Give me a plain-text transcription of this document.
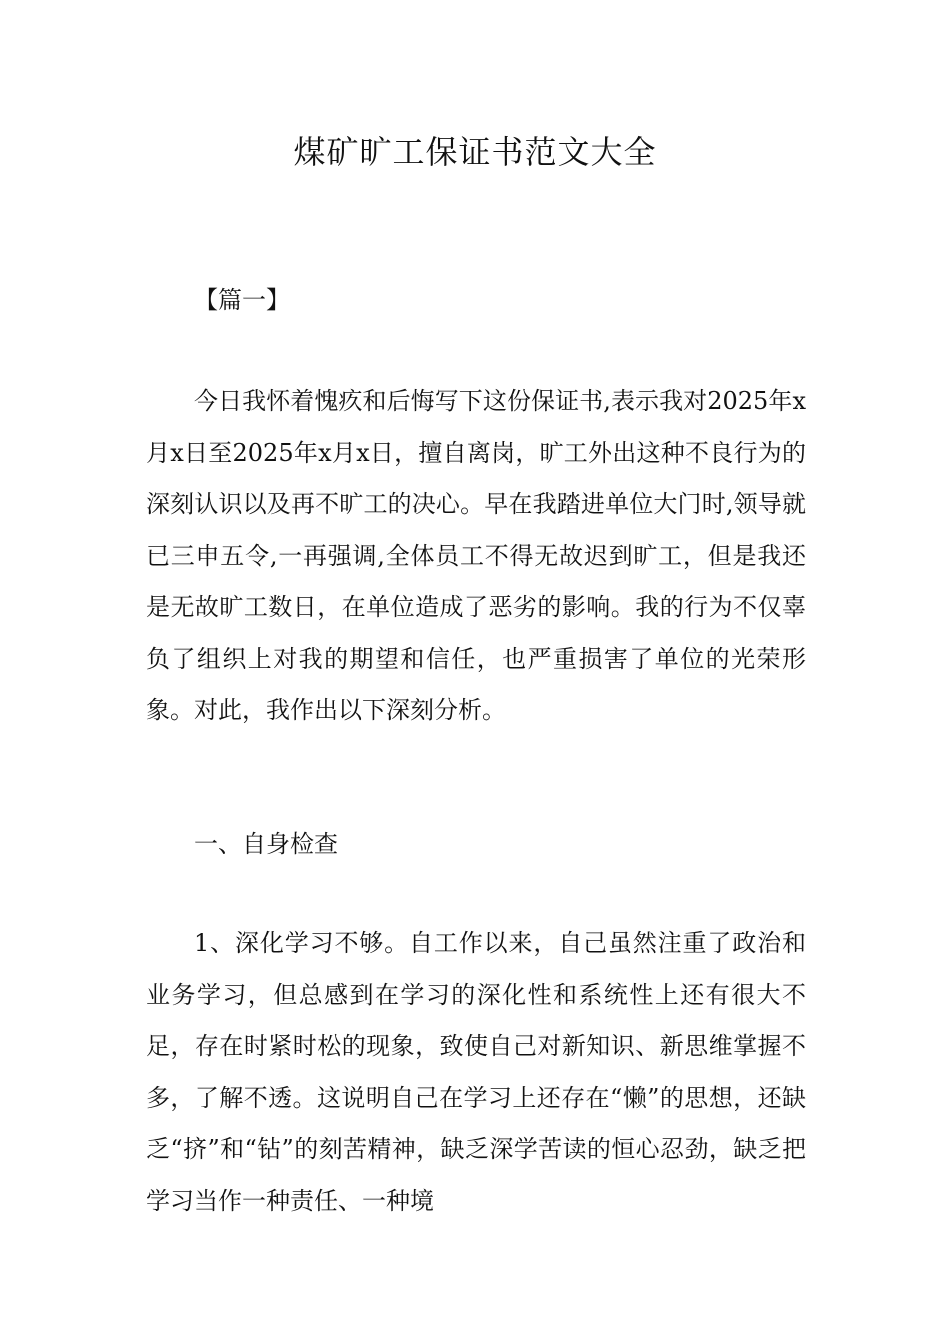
煤矿旷工保证书范文大全

【篇一】

今日我怀着愧疚和后悔写下这份保证书,表示我对2025年x月x日至2025年x月x日，擅自离岗，旷工外出这种不良行为的深刻认识以及再不旷工的决心。早在我踏进单位大门时,领导就已三申五令,一再强调,全体员工不得无故迟到旷工，但是我还是无故旷工数日，在单位造成了恶劣的影响。我的行为不仅辜负了组织上对我的期望和信任，也严重损害了单位的光荣形象。对此，我作出以下深刻分析。

一、自身检查

1、深化学习不够。自工作以来，自己虽然注重了政治和业务学习，但总感到在学习的深化性和系统性上还有很大不足，存在时紧时松的现象，致使自己对新知识、新思维掌握不多，了解不透。这说明自己在学习上还存在“懒”的思想，还缺乏“挤”和“钻”的刻苦精神，缺乏深学苦读的恒心忍劲，缺乏把学习当作一种责任、一种境
